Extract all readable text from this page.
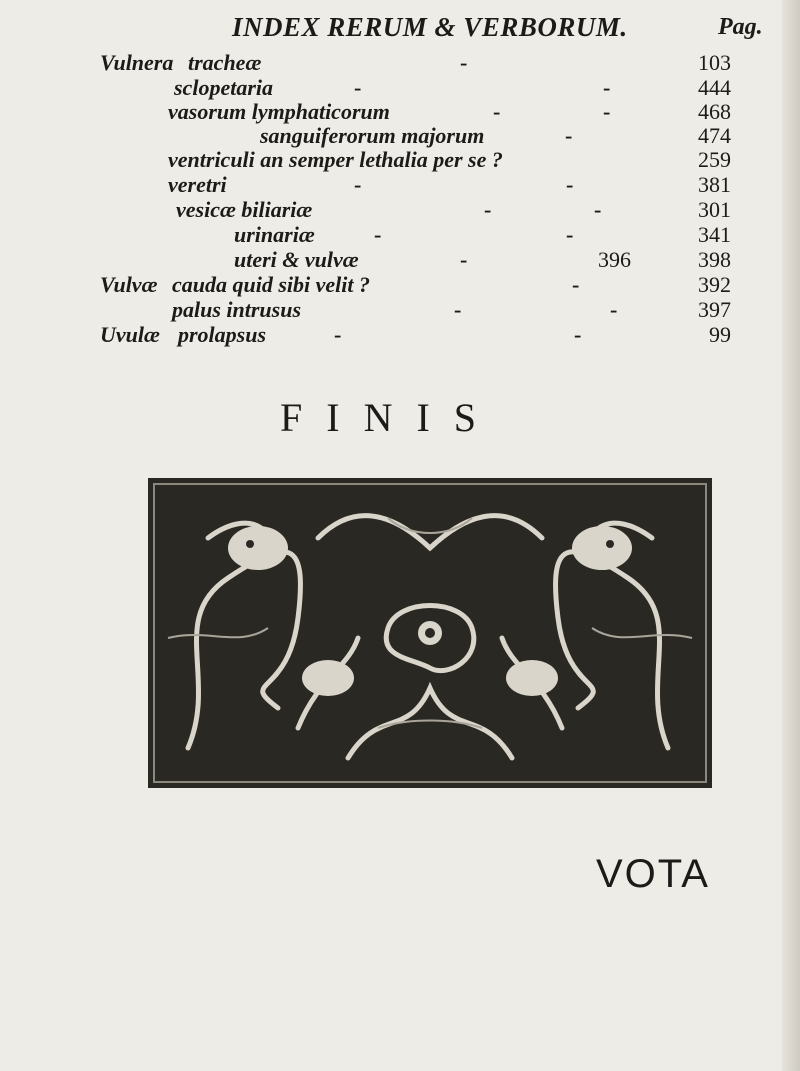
INDEX RERUM & VERBORUM.	Pag.
Vulnera tracheæ	-	103
sclopetaria	-	-	444
vasorum lymphaticorum	-	-	468
sanguiferorum majorum	-	474
ventriculi an semper lethalia per se ?	259
veretri	-	-	381
vesicæ biliariæ	-	-	301
urinariæ	-	-	341
uteri & vulvæ	-	396	398
Vulvæ cauda quid sibi velit ?	-	392
palus intrusus	-	-	397
Uvulæ prolapsus	-	-	99
FINIS
VOTA
